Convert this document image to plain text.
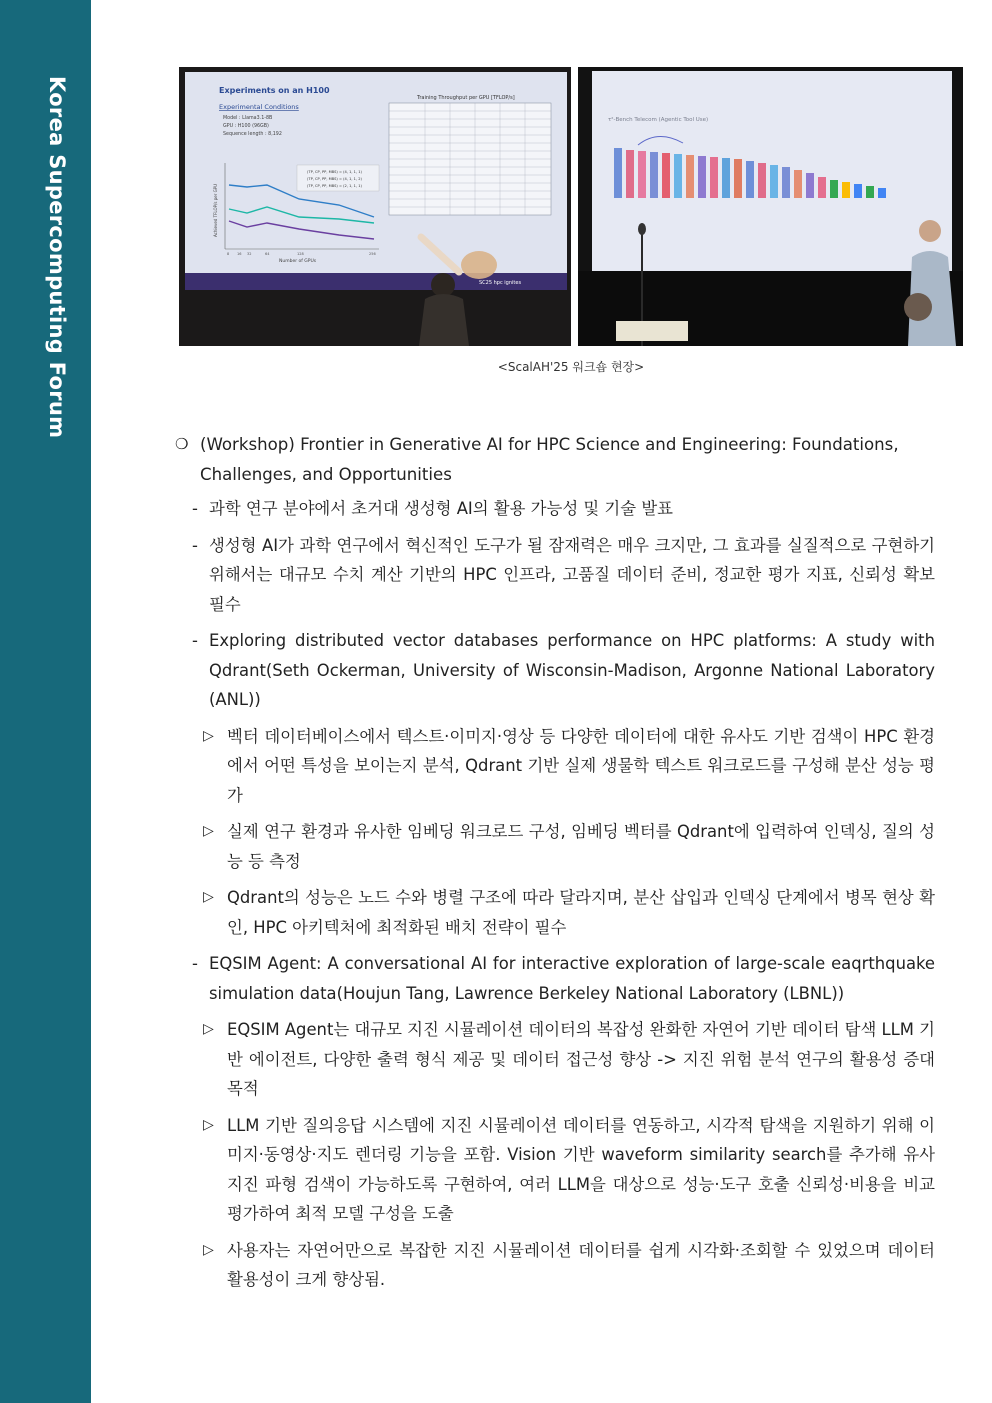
Korea Supercomputing Forum	Experiments on an H100
Experimental Conditions
Model : Llama3.1-8B
GPU : H100 (96GB)
Sequence length : 8,192
Training Throughput per GPU [TFLOP/s]
(TP, CP, PP, MBS) = (4, 1, 1, 1)
(TP, CP, PP, MBS) = (4, 1, 1, 2)
(TP, CP, PP, MBS) = (2, 1, 1, 1)
Achieved TFLOP/s per GPU
Number of GPUs
8 16 32	64	128	256
SC25 hpc ignites
τ²-Bench Telecom (Agentic Tool Use)
<ScalAH'25 워크숍 현장>
❍ (Workshop) Frontier in Generative AI for HPC Science and Engineering: Foundations, Challenges, and Opportunities
- 과학 연구 분야에서 초거대 생성형 AI의 활용 가능성 및 기술 발표
- 생성형 AI가 과학 연구에서 혁신적인 도구가 될 잠재력은 매우 크지만, 그 효과를 실질적으로 구현하기 위해서는 대규모 수치 계산 기반의 HPC 인프라, 고품질 데이터 준비, 정교한 평가 지표, 신뢰성 확보 필수
- Exploring distributed vector databases performance on HPC platforms: A study with Qdrant(Seth Ockerman, University of Wisconsin-Madison, Argonne National Laboratory (ANL))
▷ 벡터 데이터베이스에서 텍스트·이미지·영상 등 다양한 데이터에 대한 유사도 기반 검색이 HPC 환경에서 어떤 특성을 보이는지 분석, Qdrant 기반 실제 생물학 텍스트 워크로드를 구성해 분산 성능 평가
▷ 실제 연구 환경과 유사한 임베딩 워크로드 구성, 임베딩 벡터를 Qdrant에 입력하여 인덱싱, 질의 성능 등 측정
▷ Qdrant의 성능은 노드 수와 병렬 구조에 따라 달라지며, 분산 삽입과 인덱싱 단계에서 병목 현상 확인, HPC 아키텍처에 최적화된 배치 전략이 필수
- EQSIM Agent: A conversational AI for interactive exploration of large-scale eaqrthquake simulation data(Houjun Tang, Lawrence Berkeley National Laboratory (LBNL))
▷ EQSIM Agent는 대규모 지진 시뮬레이션 데이터의 복잡성 완화한 자연어 기반 데이터 탐색 LLM 기반 에이전트, 다양한 출력 형식 제공 및 데이터 접근성 향상 -> 지진 위험 분석 연구의 활용성 증대 목적
▷ LLM 기반 질의응답 시스템에 지진 시뮬레이션 데이터를 연동하고, 시각적 탐색을 지원하기 위해 이미지·동영상·지도 렌더링 기능을 포함. Vision 기반 waveform similarity search를 추가해 유사 지진 파형 검색이 가능하도록 구현하여, 여러 LLM을 대상으로 성능·도구 호출 신뢰성·비용을 비교 평가하여 최적 모델 구성을 도출
▷ 사용자는 자연어만으로 복잡한 지진 시뮬레이션 데이터를 쉽게 시각화·조회할 수 있었으며 데이터 활용성이 크게 향상됨.
